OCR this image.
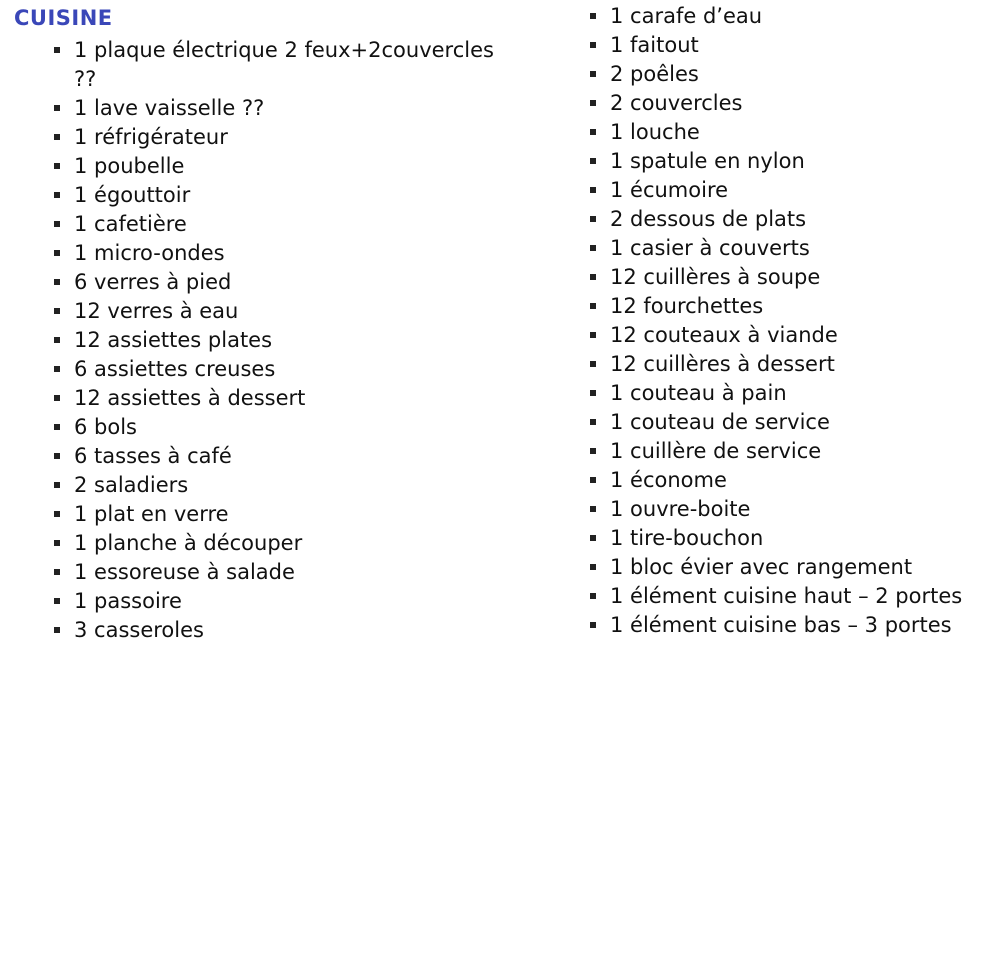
CUISINE
1 plaque électrique 2 feux+2couvercles ??
1 lave vaisselle ??
1 réfrigérateur
1 poubelle
1 égouttoir
1 cafetière
1 micro-ondes
6 verres à pied
12 verres à eau
12 assiettes plates
6 assiettes creuses
12 assiettes à dessert
6 bols
6 tasses à café
2 saladiers
1 plat en verre
1 planche à découper
1 essoreuse à salade
1 passoire
3 casseroles
1 carafe d’eau
1 faitout
2 poêles
2 couvercles
1 louche
1 spatule en nylon
1 écumoire
2 dessous de plats
1 casier à couverts
12 cuillères à soupe
12 fourchettes
12 couteaux à viande
12 cuillères à dessert
1 couteau à pain
1 couteau de service
1 cuillère de service
1 économe
1 ouvre-boite
1 tire-bouchon
1 bloc évier avec rangement
1 élément cuisine haut – 2 portes
1 élément cuisine bas – 3 portes
